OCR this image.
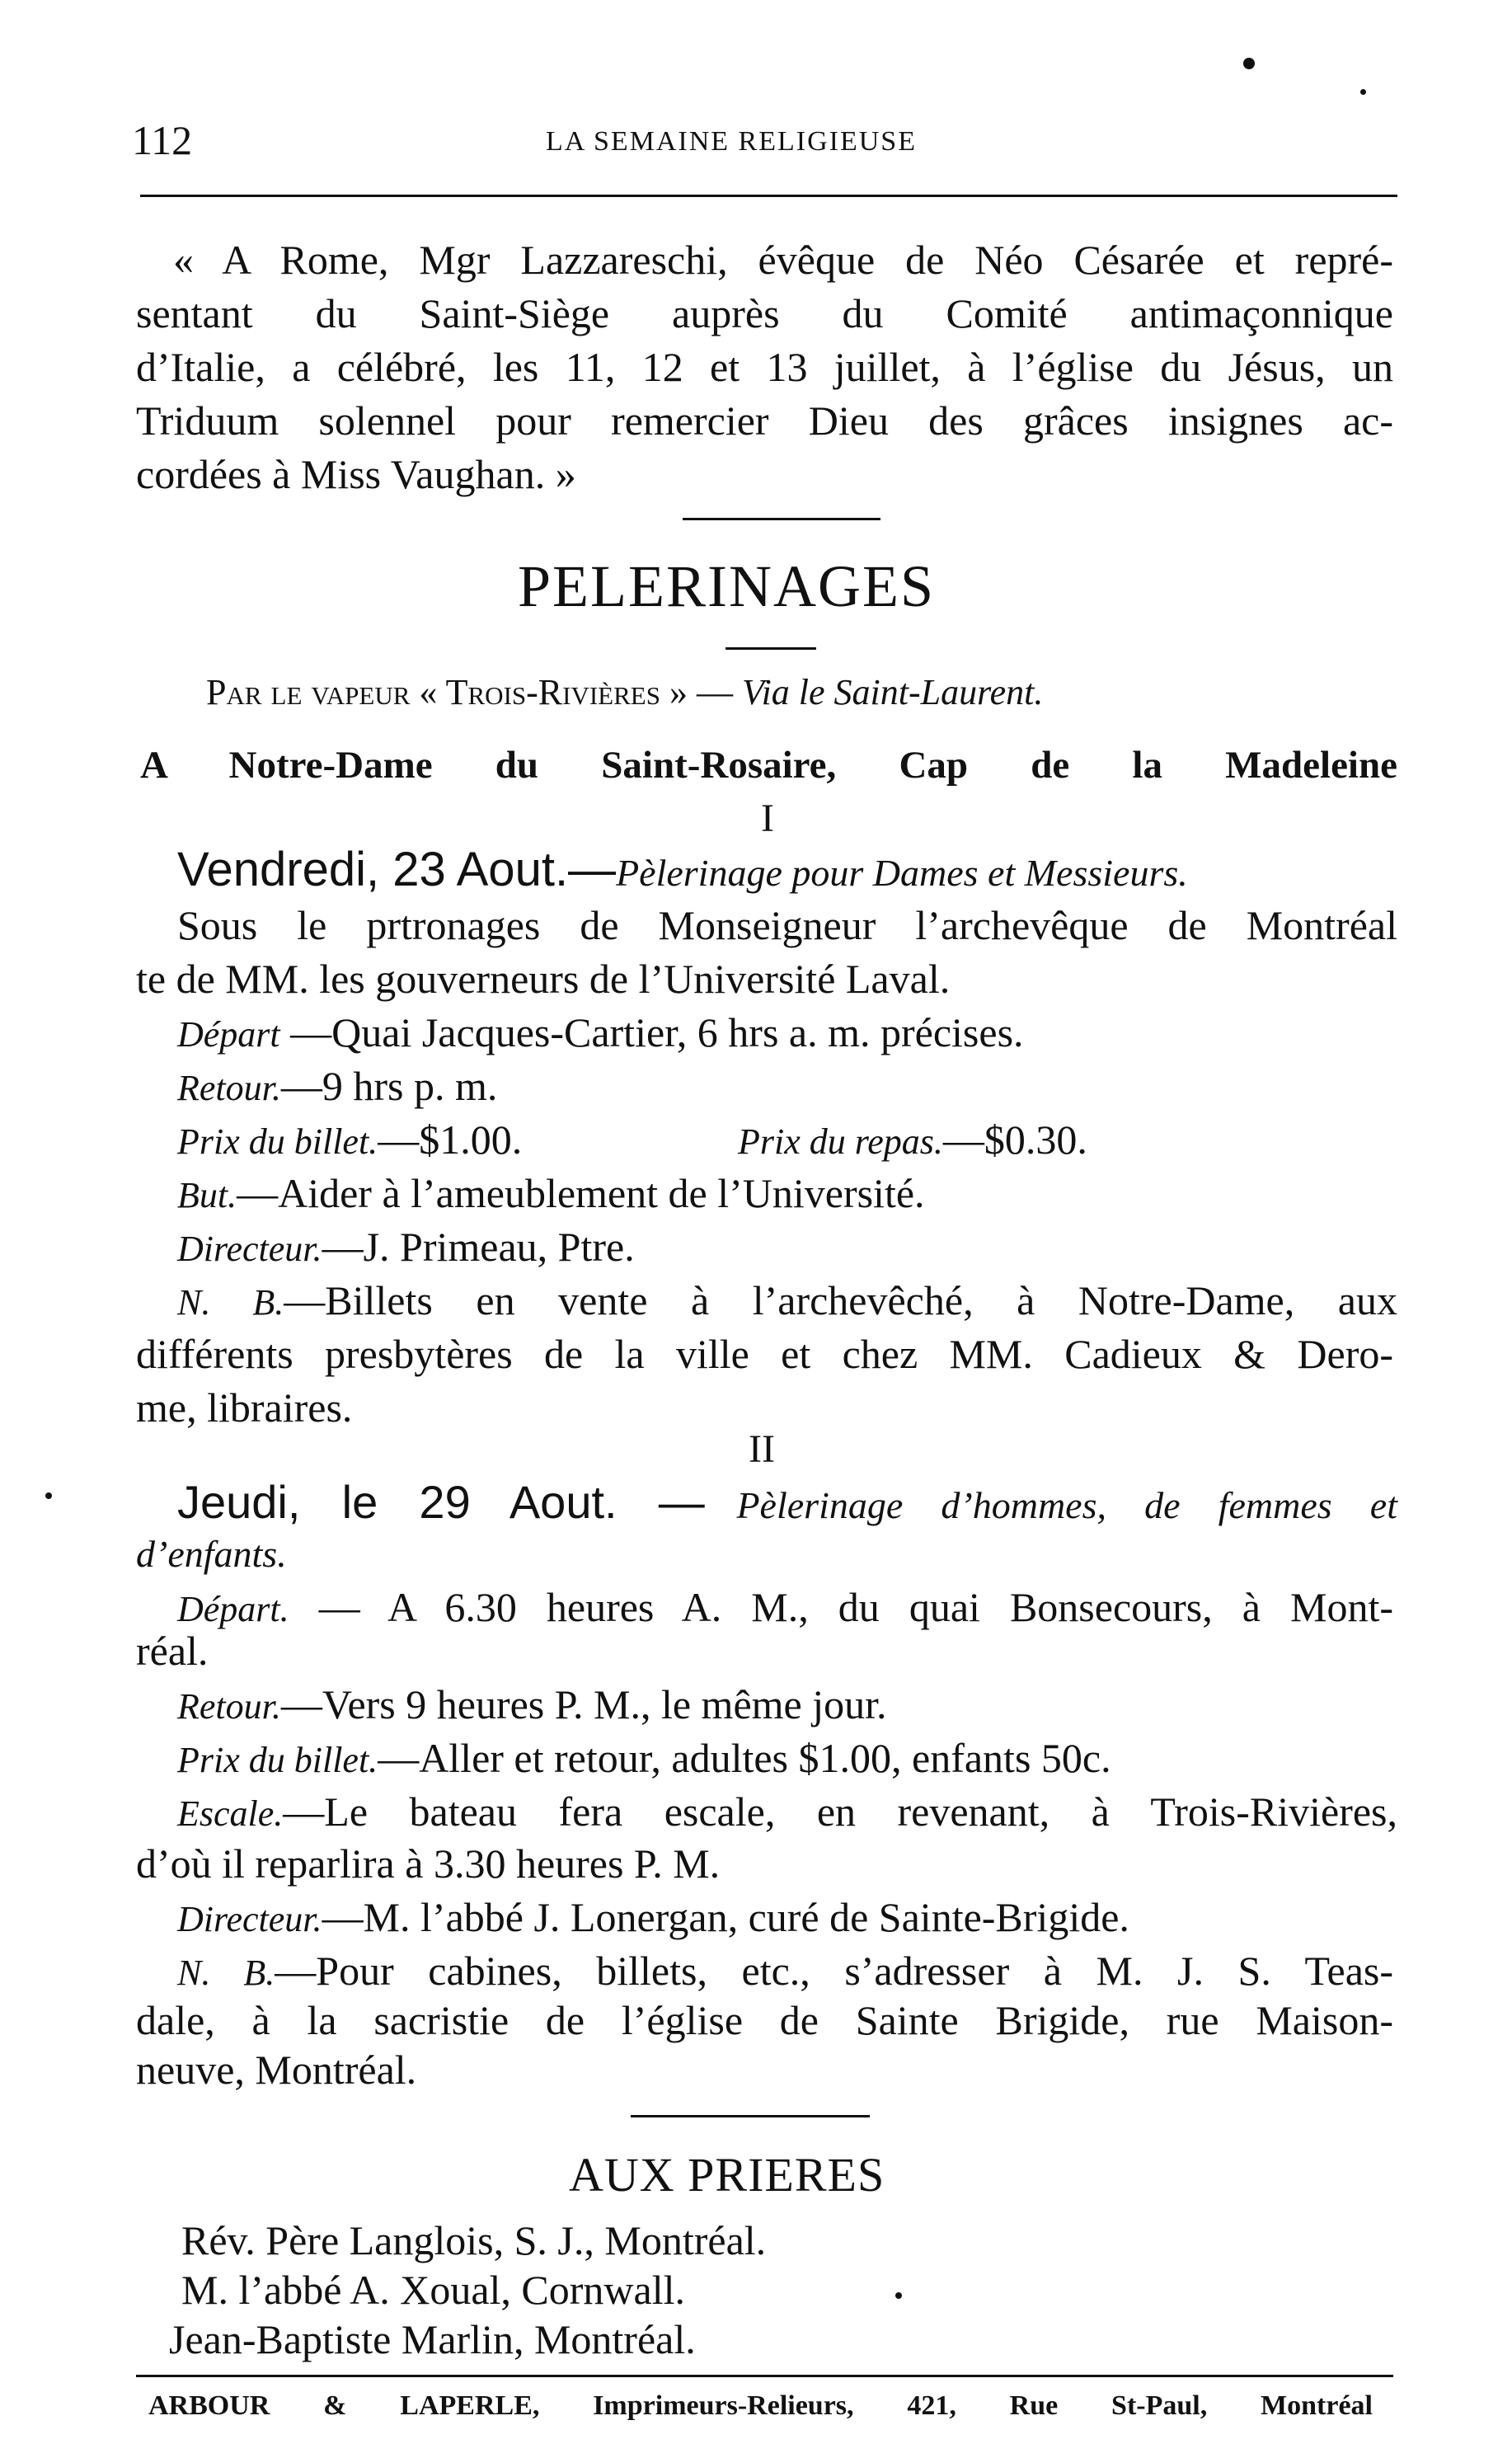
112	LA SEMAINE RELIGIEUSE
« A Rome, Mgr Lazzareschi, évêque de Néo Césarée et repré-
sentant du Saint-Siège auprès du Comité antimaçonnique
d’Italie, a célébré, les 11, 12 et 13 juillet, à l’église du Jésus, un
Triduum solennel pour remercier Dieu des grâces insignes ac-
cordées à Miss Vaughan. »
PELERINAGES
Par le vapeur « Trois-Rivières » — Via le Saint-Laurent.
A Notre-Dame du Saint-Rosaire, Cap de la Madeleine
I
Vendredi, 23 Aout.—Pèlerinage pour Dames et Messieurs.
Sous le prtronages de Monseigneur l’archevêque de Montréal
te de MM. les gouverneurs de l’Université Laval.
Départ —Quai Jacques-Cartier, 6 hrs a. m. précises.
Retour.—9 hrs p. m.
Prix du billet.—$1.00.	Prix du repas.—$0.30.
But.—Aider à l’ameublement de l’Université.
Directeur.—J. Primeau, Ptre.
N. B.—Billets en vente à l’archevêché, à Notre-Dame, aux
différents presbytères de la ville et chez MM. Cadieux & Dero-
me, libraires.
II
Jeudi, le 29 Aout. — Pèlerinage d’hommes, de femmes et
d’enfants.
Départ. — A 6.30 heures A. M., du quai Bonsecours, à Mont-
réal.
Retour.—Vers 9 heures P. M., le même jour.
Prix du billet.—Aller et retour, adultes $1.00, enfants 50c.
Escale.—Le bateau fera escale, en revenant, à Trois-Rivières,
d’où il reparlira à 3.30 heures P. M.
Directeur.—M. l’abbé J. Lonergan, curé de Sainte-Brigide.
N. B.—Pour cabines, billets, etc., s’adresser à M. J. S. Teas-
dale, à la sacristie de l’église de Sainte Brigide, rue Maison-
neuve, Montréal.
AUX PRIERES
Rév. Père Langlois, S. J., Montréal.
M. l’abbé A. Xoual, Cornwall.
Jean-Baptiste Marlin, Montréal.
ARBOUR & LAPERLE, Imprimeurs-Relieurs, 421, Rue St-Paul, Montréal
